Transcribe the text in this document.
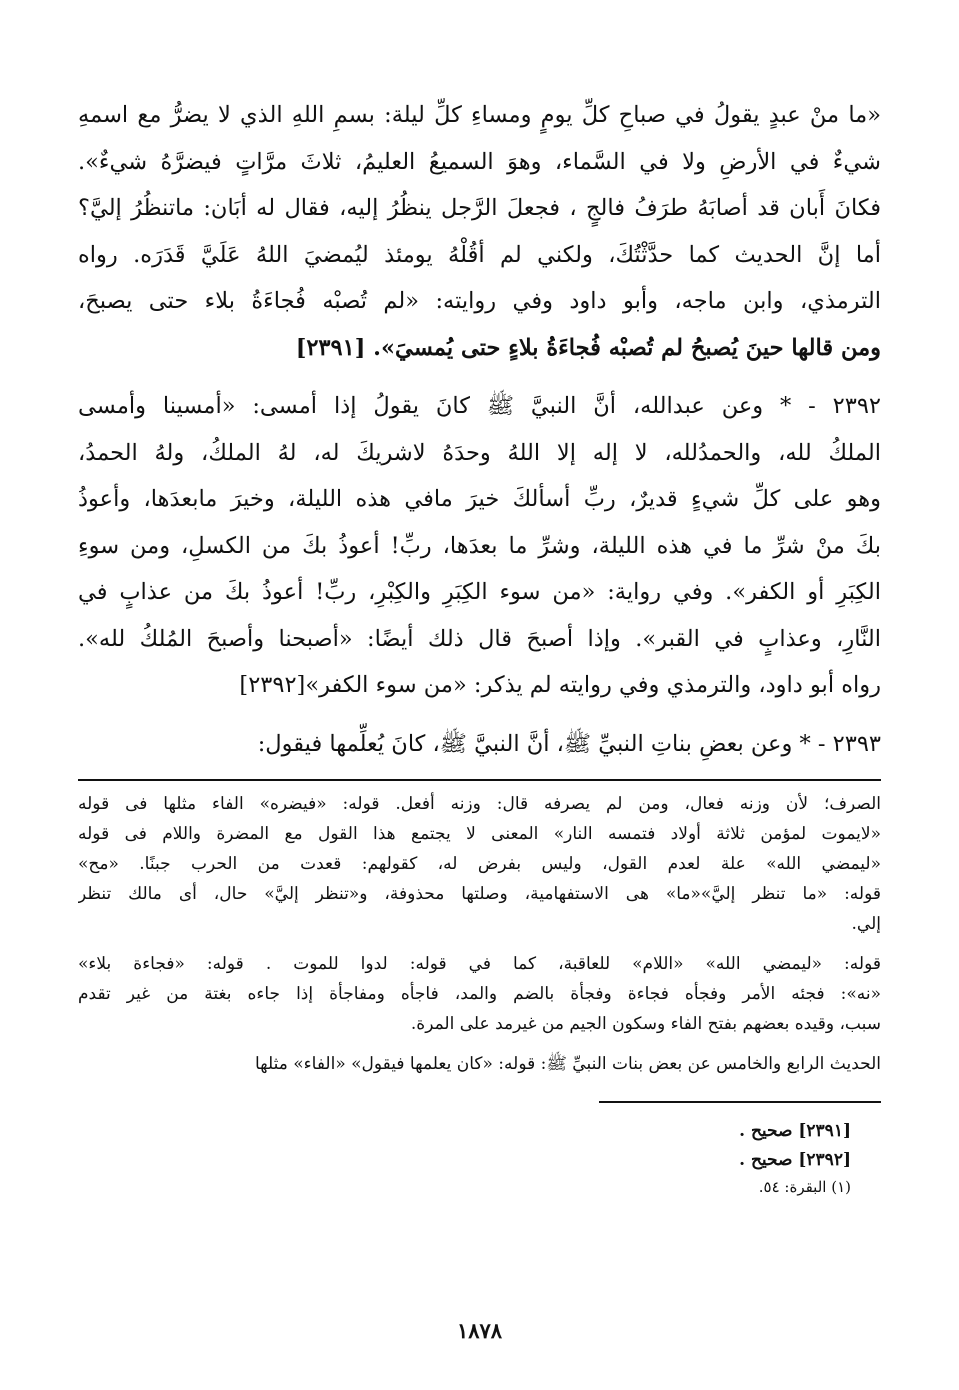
«ما منْ عبدٍ يقولُ في صباحِ كلِّ يومٍ ومساءِ كلِّ ليلة: بسمِ اللهِ الذي لا يضرُّ مع اسمهِ
شيءٌ في الأرضِ ولا في السَّماء، وهوَ السميعُ العليمُ، ثلاثَ مرَّاتٍ فيضرَّهُ شيءٌ».
فكانَ أَبان قد أصابَهُ طرَفُ فالجٍ ، فجعلَ الرَّجل ينظُرُ إليه، فقال له أبَان: ماتنظُرُ إليَّ؟
أما إنَّ الحديث كما حدَّثْتُكَ، ولكني لم أقُلْهُ يومئذ ليُمضيَ اللهُ عَلَيَّ قَدَرَه. رواه
الترمذي، وابن ماجه، وأبو داود وفي روايته: «لم تُصبْه فُجاءَةُ بلاء حتى يصبحَ،
ومن قالها حينَ يُصبحُ لم تُصبْه فُجاءَةُ بلاءٍ حتى يُمسيَ». [٢٣٩١]
٢٣٩٢ - * وعن عبدالله، أنَّ النبيَّ ﷺ كانَ يقولُ إذا أمسى: «أمسينا وأمسى
الملكُ لله، والحمدُلله، لا إله إلا اللهُ وحدَهُ لاشريكَ له، لهُ الملكُ، ولهُ الحمدُ،
وهو على كلِّ شيءٍ قديرٌ، ربِّ أسألكَ خيرَ مافي هذه الليلة، وخيرَ مابعدَها، وأعوذُ
بكَ منْ شرِّ ما في هذه الليلة، وشرِّ ما بعدَها، ربِّ! أعوذُ بكَ من الكسلِ، ومن سوءِ
الكِبَرِ أو الكفر». وفي رواية: «من سوء الكِبَرِ والكِبْرِ، ربِّ! أعوذُ بكَ من عذابٍ في
النَّارِ، وعذابٍ في القبر». وإذا أصبحَ قال ذلك أيضًا: «أصبحنا وأصبحَ المُلكُ لله».
رواه أبو داود، والترمذي وفي روايته لم يذكر: «من سوء الكفر»[٢٣٩٢]
٢٣٩٣ - * وعن بعضِ بناتِ النبيِّ ﷺ، أنَّ النبيَّ ﷺ، كانَ يُعلِّمها فيقول:
الصرف؛ لأن وزنه فعال، ومن لم يصرفه قال: وزنه أفعل. قوله: «فيضره» الفاء مثلها فى قوله
«لايموت لمؤمن ثلاثة أولاد فتمسه النار» المعنى لا يجتمع هذا القول مع المضرة واللام فى قوله
«ليمضي الله» علة لعدم القول، وليس بفرض له، كقولهم: قعدت من الحرب جبنًا. «مح»
قوله: «ما تنظر إليَّ»«ما» هى الاستفهامية، وصلتها محذوفة، و«تنظر إليَّ» حال، أى مالك تنظر
إلي.
قوله: «ليمضي الله» «اللام» للعاقبة، كما في قوله: لدوا للموت . قوله: «فجاءة بلاء»
«نه»: فجئه الأمر وفجأه فجاءة وفجأة بالضم والمد، فاجأه ومفاجأة إذا جاءه بغتة من غير تقدم
سبب، وقيده بعضهم بفتح الفاء وسكون الجيم من غيرمد على المرة.
الحديث الرابع والخامس عن بعض بنات النبيِّ ﷺ: قوله: «كان يعلمها فيقول» «الفاء» مثلها
[٢٣٩١] صحيح .
[٢٣٩٢] صحيح .
(١) البقرة: ٥٤.
١٨٧٨
